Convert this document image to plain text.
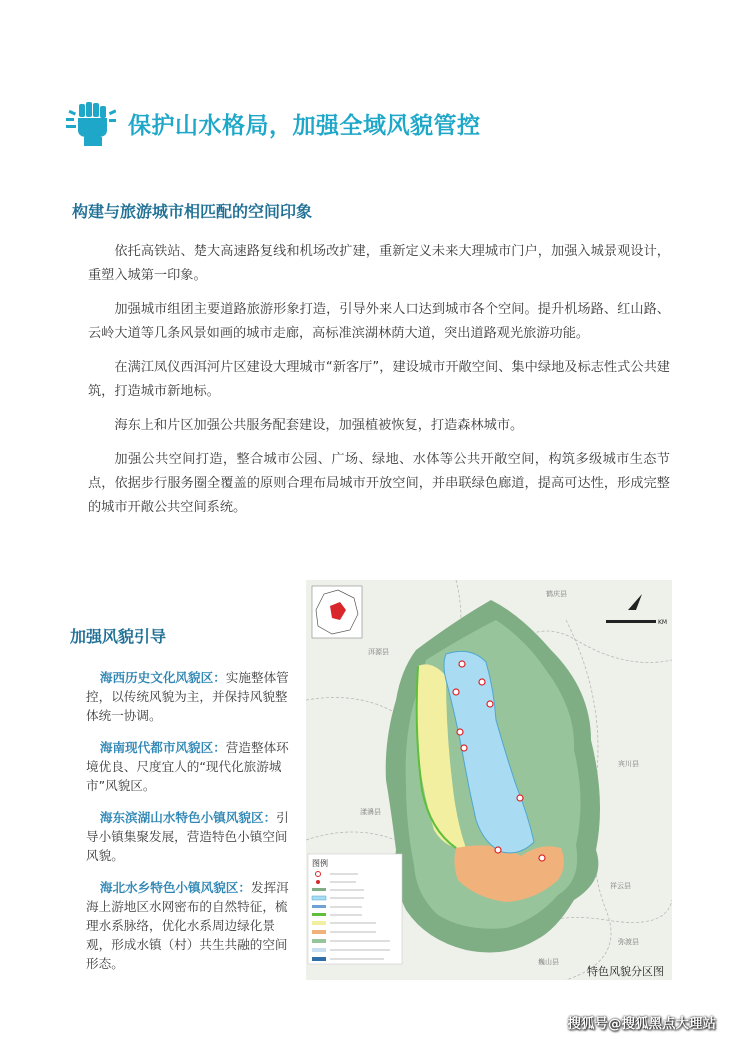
保护山水格局，加强全域风貌管控
构建与旅游城市相匹配的空间印象

依托高铁站、楚大高速路复线和机场改扩建，重新定义未来大理城市门户，加强入城景观设计，重塑入城第一印象。

加强城市组团主要道路旅游形象打造，引导外来人口达到城市各个空间。提升机场路、红山路、云岭大道等几条风景如画的城市走廊，高标准滨湖林荫大道，突出道路观光旅游功能。

在满江凤仪西洱河片区建设大理城市“新客厅”，建设城市开敞空间、集中绿地及标志性式公共建筑，打造城市新地标。

海东上和片区加强公共服务配套建设，加强植被恢复，打造森林城市。

加强公共空间打造，整合城市公园、广场、绿地、水体等公共开敞空间，构筑多级城市生态节点，依据步行服务圈全覆盖的原则合理布局城市开放空间，并串联绿色廊道，提高可达性，形成完整的城市开敞公共空间系统。

加强风貌引导

海西历史文化风貌区：实施整体管控，以传统风貌为主，并保持风貌整体统一协调。

海南现代都市风貌区：营造整体环境优良、尺度宜人的“现代化旅游城市”风貌区。

海东滨湖山水特色小镇风貌区：引导小镇集聚发展，营造特色小镇空间风貌。

海北水乡特色小镇风貌区：发挥洱海上游地区水网密布的自然特征，梳理水系脉络，优化水系周边绿化景观，形成水镇（村）共生共融的空间形态。

KM
洱源县
鹤庆县
宾川县
漾濞县
祥云县
弥渡县
巍山县
图例
特色风貌分区图
搜狐号@搜狐黑点大理站
